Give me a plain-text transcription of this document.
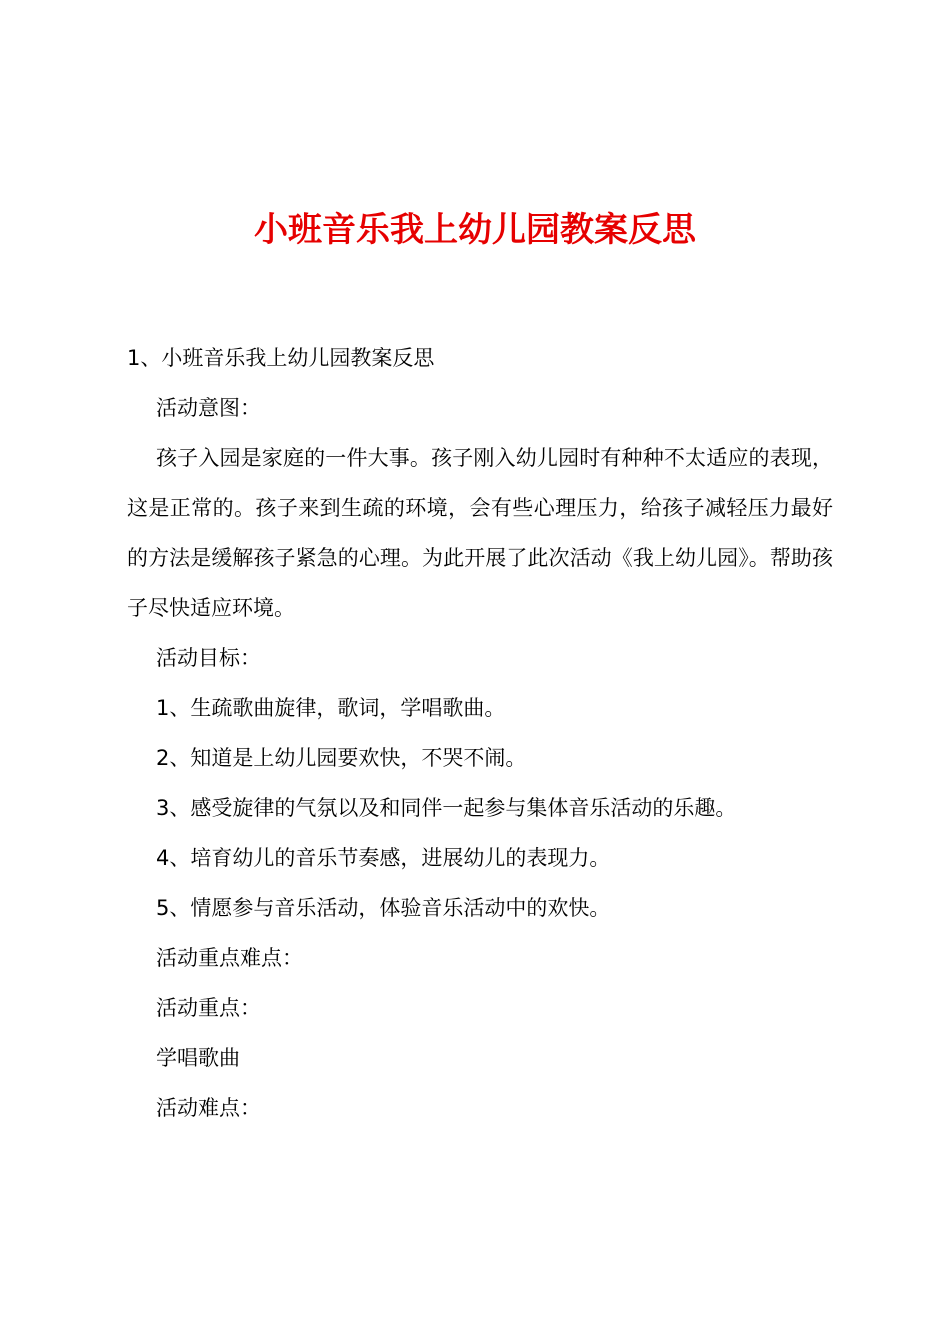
小班音乐我上幼儿园教案反思

1、小班音乐我上幼儿园教案反思

活动意图：

孩子入园是家庭的一件大事。孩子刚入幼儿园时有种种不太适应的表现，这是正常的。孩子来到生疏的环境，会有些心理压力，给孩子减轻压力最好的方法是缓解孩子紧急的心理。为此开展了此次活动《我上幼儿园》。帮助孩子尽快适应环境。

活动目标：

1、生疏歌曲旋律，歌词，学唱歌曲。

2、知道是上幼儿园要欢快，不哭不闹。

3、感受旋律的气氛以及和同伴一起参与集体音乐活动的乐趣。

4、培育幼儿的音乐节奏感，进展幼儿的表现力。

5、情愿参与音乐活动，体验音乐活动中的欢快。

活动重点难点：

活动重点：

学唱歌曲

活动难点：
